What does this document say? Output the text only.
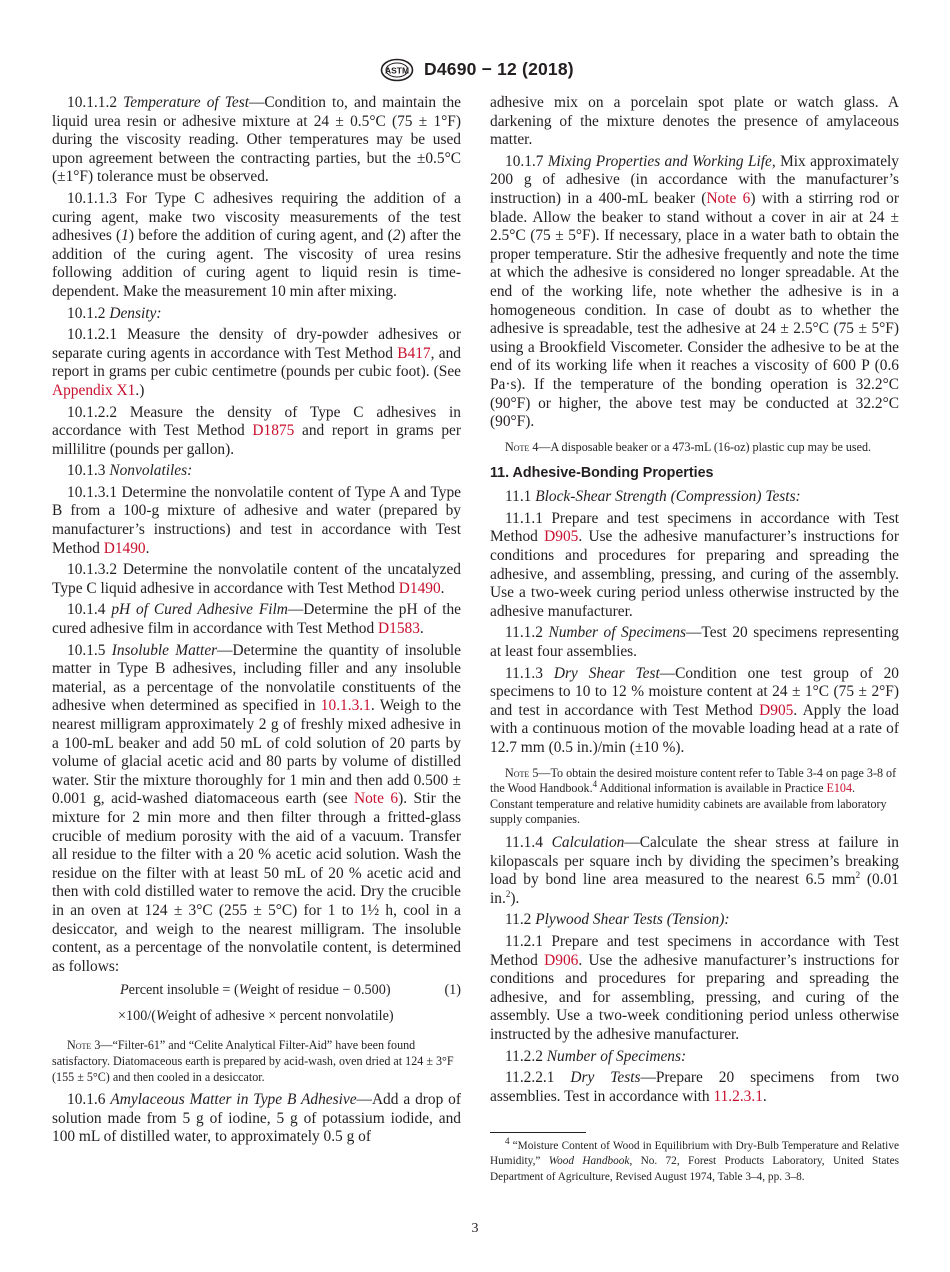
ASTM D4690 − 12 (2018)

10.1.1.2 Temperature of Test—Condition to, and maintain the liquid urea resin or adhesive mixture at 24 ± 0.5°C (75 ± 1°F) during the viscosity reading. Other temperatures may be used upon agreement between the contracting parties, but the ±0.5°C (±1°F) tolerance must be observed.

10.1.1.3 For Type C adhesives requiring the addition of a curing agent, make two viscosity measurements of the test adhesives (1) before the addition of curing agent, and (2) after the addition of the curing agent. The viscosity of urea resins following addition of curing agent to liquid resin is time-dependent. Make the measurement 10 min after mixing.

10.1.2 Density:

10.1.2.1 Measure the density of dry-powder adhesives or separate curing agents in accordance with Test Method B417, and report in grams per cubic centimetre (pounds per cubic foot). (See Appendix X1.)

10.1.2.2 Measure the density of Type C adhesives in accordance with Test Method D1875 and report in grams per millilitre (pounds per gallon).

10.1.3 Nonvolatiles:

10.1.3.1 Determine the nonvolatile content of Type A and Type B from a 100-g mixture of adhesive and water (prepared by manufacturer’s instructions) and test in accordance with Test Method D1490.

10.1.3.2 Determine the nonvolatile content of the uncatalyzed Type C liquid adhesive in accordance with Test Method D1490.

10.1.4 pH of Cured Adhesive Film—Determine the pH of the cured adhesive film in accordance with Test Method D1583.

10.1.5 Insoluble Matter—Determine the quantity of insoluble matter in Type B adhesives, including filler and any insoluble material, as a percentage of the nonvolatile constituents of the adhesive when determined as specified in 10.1.3.1. Weigh to the nearest milligram approximately 2 g of freshly mixed adhesive in a 100-mL beaker and add 50 mL of cold solution of 20 parts by volume of glacial acetic acid and 80 parts by volume of distilled water. Stir the mixture thoroughly for 1 min and then add 0.500 ± 0.001 g, acid-washed diatomaceous earth (see Note 6). Stir the mixture for 2 min more and then filter through a fritted-glass crucible of medium porosity with the aid of a vacuum. Transfer all residue to the filter with a 20 % acetic acid solution. Wash the residue on the filter with at least 50 mL of 20 % acetic acid and then with cold distilled water to remove the acid. Dry the crucible in an oven at 124 ± 3°C (255 ± 5°C) for 1 to 1½ h, cool in a desiccator, and weigh to the nearest milligram. The insoluble content, as a percentage of the nonvolatile content, is determined as follows:

Percent insoluble = (Weight of residue − 0.500)	(1)
×100/(Weight of adhesive × percent nonvolatile)
Note 3—“Filter-61” and “Celite Analytical Filter-Aid” have been found satisfactory. Diatomaceous earth is prepared by acid-wash, oven dried at 124 ± 3°F (155 ± 5°C) and then cooled in a desiccator.

10.1.6 Amylaceous Matter in Type B Adhesive—Add a drop of solution made from 5 g of iodine, 5 g of potassium iodide, and 100 mL of distilled water, to approximately 0.5 g of

adhesive mix on a porcelain spot plate or watch glass. A darkening of the mixture denotes the presence of amylaceous matter.

10.1.7 Mixing Properties and Working Life, Mix approximately 200 g of adhesive (in accordance with the manufacturer’s instruction) in a 400-mL beaker (Note 6) with a stirring rod or blade. Allow the beaker to stand without a cover in air at 24 ± 2.5°C (75 ± 5°F). If necessary, place in a water bath to obtain the proper temperature. Stir the adhesive frequently and note the time at which the adhesive is considered no longer spreadable. At the end of the working life, note whether the adhesive is in a homogeneous condition. In case of doubt as to whether the adhesive is spreadable, test the adhesive at 24 ± 2.5°C (75 ± 5°F) using a Brookfield Viscometer. Consider the adhesive to be at the end of its working life when it reaches a viscosity of 600 P (0.6 Pa·s). If the temperature of the bonding operation is 32.2°C (90°F) or higher, the above test may be conducted at 32.2°C (90°F).

Note 4—A disposable beaker or a 473-mL (16-oz) plastic cup may be used.
11. Adhesive-Bonding Properties

11.1 Block-Shear Strength (Compression) Tests:

11.1.1 Prepare and test specimens in accordance with Test Method D905. Use the adhesive manufacturer’s instructions for conditions and procedures for preparing and spreading the adhesive, and assembling, pressing, and curing of the assembly. Use a two-week curing period unless otherwise instructed by the adhesive manufacturer.

11.1.2 Number of Specimens—Test 20 specimens representing at least four assemblies.

11.1.3 Dry Shear Test—Condition one test group of 20 specimens to 10 to 12 % moisture content at 24 ± 1°C (75 ± 2°F) and test in accordance with Test Method D905. Apply the load with a continuous motion of the movable loading head at a rate of 12.7 mm (0.5 in.)/min (±10 %).

Note 5—To obtain the desired moisture content refer to Table 3-4 on page 3-8 of the Wood Handbook.$^4$ Additional information is available in Practice E104. Constant temperature and relative humidity cabinets are available from laboratory supply companies.

11.1.4 Calculation—Calculate the shear stress at failure in kilopascals per square inch by dividing the specimen’s breaking load by bond line area measured to the nearest 6.5 $mm^2$ (0.01 in.$^2$).

11.2 Plywood Shear Tests (Tension):

11.2.1 Prepare and test specimens in accordance with Test Method D906. Use the adhesive manufacturer’s instructions for conditions and procedures for preparing and spreading the adhesive, and for assembling, pressing, and curing of the assembly. Use a two-week conditioning period unless otherwise instructed by the adhesive manufacturer.

11.2.2 Number of Specimens:

11.2.2.1 Dry Tests—Prepare 20 specimens from two assemblies. Test in accordance with 11.2.3.1.

$^4$ “Moisture Content of Wood in Equilibrium with Dry-Bulb Temperature and Relative Humidity,” Wood Handbook, No. 72, Forest Products Laboratory, United States Department of Agriculture, Revised August 1974, Table 3–4, pp. 3–8.
3
